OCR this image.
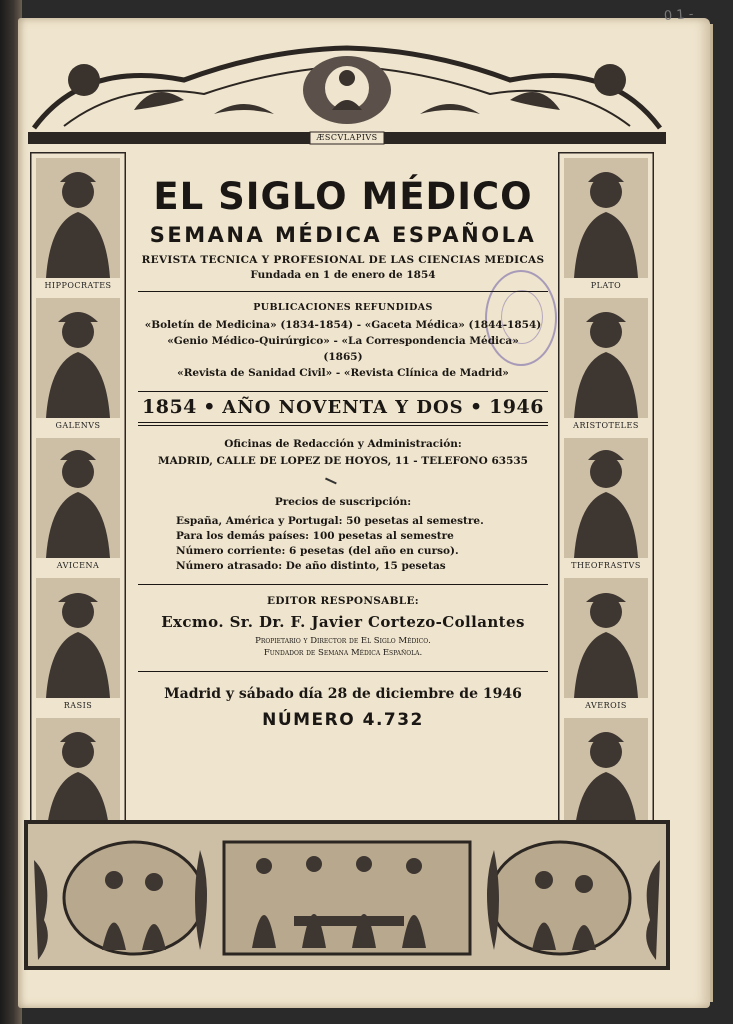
0 1 -
ÆSCVLAPIVS
HIPPOCRATES
GALENVS
AVICENA
RASIS
PLATO
ARISTOTELES
THEOFRASTVS
AVEROIS
EL SIGLO MÉDICO
SEMANA MÉDICA ESPAÑOLA
REVISTA TECNICA Y PROFESIONAL DE LAS CIENCIAS MEDICAS
Fundada en 1 de enero de 1854
PUBLICACIONES REFUNDIDAS
«Boletín de Medicina» (1834-1854) - «Gaceta Médica» (1844-1854)
«Genio Médico-Quirúrgico» - «La Correspondencia Médica»
(1865)
«Revista de Sanidad Civil» - «Revista Clínica de Madrid»
1854 • AÑO NOVENTA Y DOS • 1946
Oficinas de Redacción y Administración:
MADRID, CALLE DE LOPEZ DE HOYOS, 11 - TELEFONO 63535
Precios de suscripción:
España, América y Portugal: 50 pesetas al semestre.
Para los demás países: 100 pesetas al semestre
Número corriente: 6 pesetas (del año en curso).
Número atrasado: De año distinto, 15 pesetas
EDITOR RESPONSABLE:
Excmo. Sr. Dr. F. Javier Cortezo-Collantes
Propietario y Director de El Siglo Médico.
Fundador de Semana Médica Española.
Madrid y sábado día 28 de diciembre de 1946
NÚMERO 4.732
